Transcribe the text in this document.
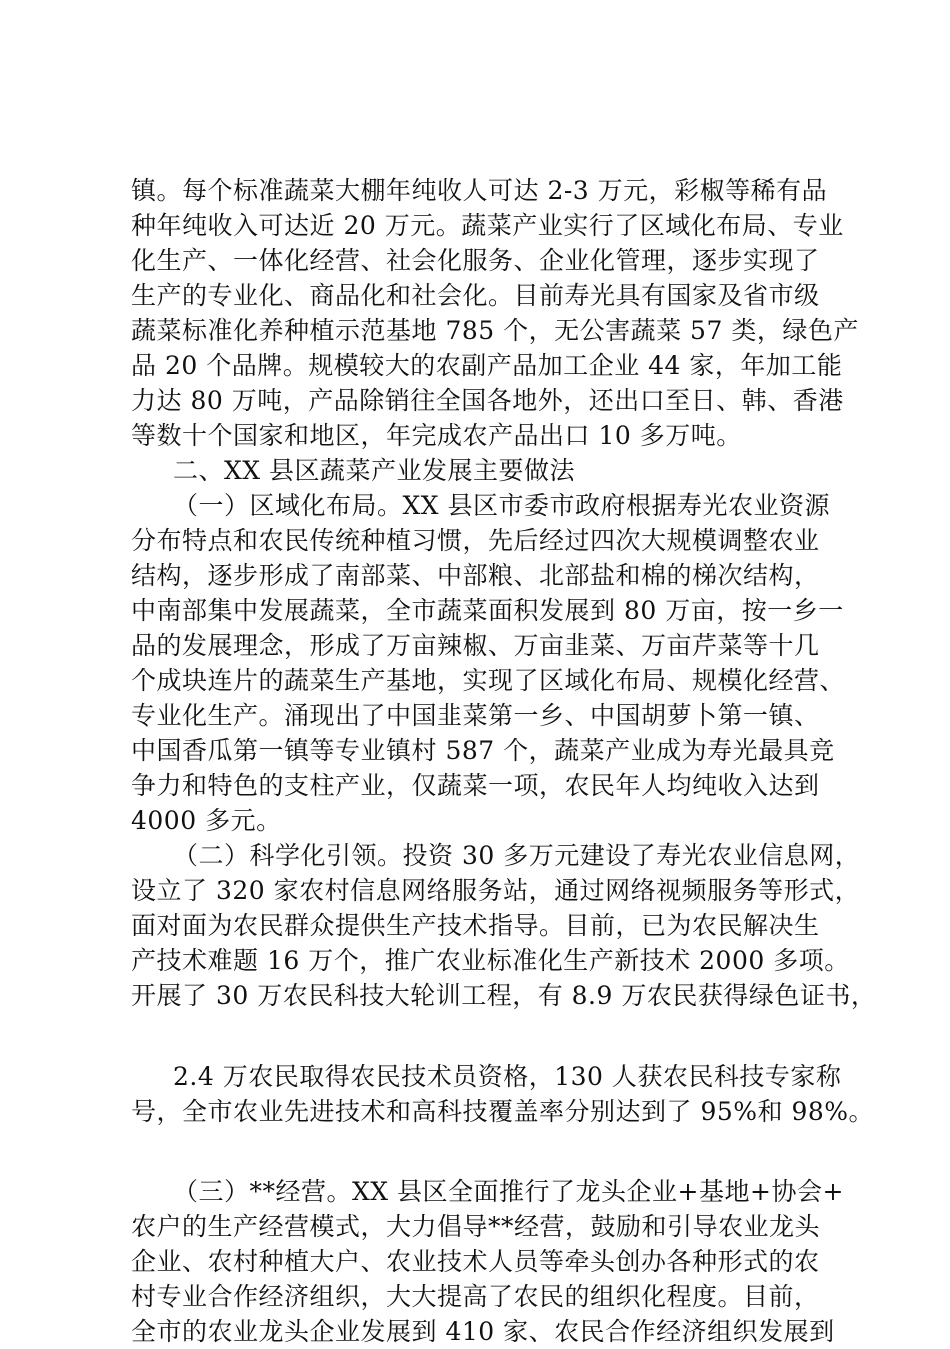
镇。每个标准蔬菜大棚年纯收人可达 2-3 万元，彩椒等稀有品
种年纯收入可达近 20 万元。蔬菜产业实行了区域化布局、专业
化生产、一体化经营、社会化服务、企业化管理，逐步实现了
生产的专业化、商品化和社会化。目前寿光具有国家及省市级
蔬菜标准化养种植示范基地 785 个，无公害蔬菜 57 类，绿色产
品 20 个品牌。规模较大的农副产品加工企业 44 家，年加工能
力达 80 万吨，产品除销往全国各地外，还出口至日、韩、香港
等数十个国家和地区，年完成农产品出口 10 多万吨。
二、XX 县区蔬菜产业发展主要做法
（一）区域化布局。XX 县区市委市政府根据寿光农业资源
分布特点和农民传统种植习惯，先后经过四次大规模调整农业
结构，逐步形成了南部菜、中部粮、北部盐和棉的梯次结构，
中南部集中发展蔬菜，全市蔬菜面积发展到 80 万亩，按一乡一
品的发展理念，形成了万亩辣椒、万亩韭菜、万亩芹菜等十几
个成块连片的蔬菜生产基地，实现了区域化布局、规模化经营、
专业化生产。涌现出了中国韭菜第一乡、中国胡萝卜第一镇、
中国香瓜第一镇等专业镇村 587 个，蔬菜产业成为寿光最具竞
争力和特色的支柱产业，仅蔬菜一项，农民年人均纯收入达到
4000 多元。
（二）科学化引领。投资 30 多万元建设了寿光农业信息网，
设立了 320 家农村信息网络服务站，通过网络视频服务等形式，
面对面为农民群众提供生产技术指导。目前，已为农民解决生
产技术难题 16 万个，推广农业标准化生产新技术 2000 多项。
开展了 30 万农民科技大轮训工程，有 8.9 万农民获得绿色证书，
2.4 万农民取得农民技术员资格，130 人获农民科技专家称
号，全市农业先进技术和高科技覆盖率分别达到了 95%和 98%。
（三）**经营。XX 县区全面推行了龙头企业+基地+协会+
农户的生产经营模式，大力倡导**经营，鼓励和引导农业龙头
企业、农村种植大户、农业技术人员等牵头创办各种形式的农
村专业合作经济组织，大大提高了农民的组织化程度。目前，
全市的农业龙头企业发展到 410 家、农民合作经济组织发展到
